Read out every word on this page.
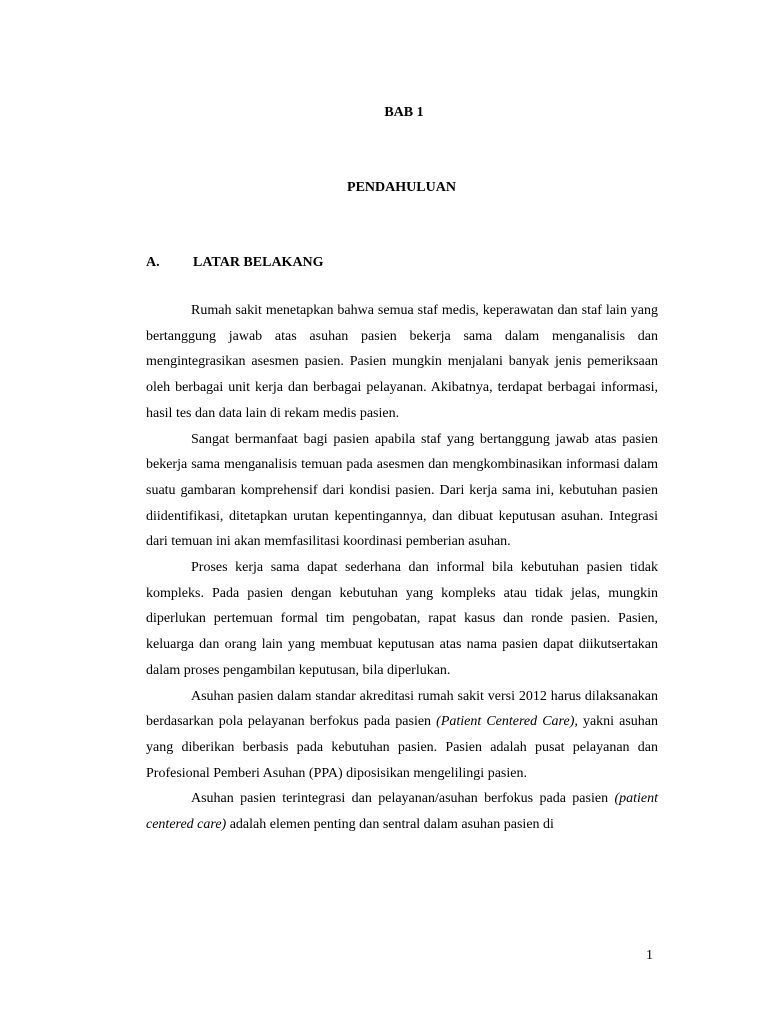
BAB 1
PENDAHULUAN
A. LATAR BELAKANG

Rumah sakit menetapkan bahwa semua staf medis, keperawatan dan staf lain yang bertanggung jawab atas asuhan pasien bekerja sama dalam menganalisis dan mengintegrasikan asesmen pasien. Pasien mungkin menjalani banyak jenis pemeriksaan oleh berbagai unit kerja dan berbagai pelayanan. Akibatnya, terdapat berbagai informasi, hasil tes dan data lain di rekam medis pasien.

Sangat bermanfaat bagi pasien apabila staf yang bertanggung jawab atas pasien bekerja sama menganalisis temuan pada asesmen dan mengkombinasikan informasi dalam suatu gambaran komprehensif dari kondisi pasien. Dari kerja sama ini, kebutuhan pasien diidentifikasi, ditetapkan urutan kepentingannya, dan dibuat keputusan asuhan. Integrasi dari temuan ini akan memfasilitasi koordinasi pemberian asuhan.

Proses kerja sama dapat sederhana dan informal bila kebutuhan pasien tidak kompleks. Pada pasien dengan kebutuhan yang kompleks atau tidak jelas, mungkin diperlukan pertemuan formal tim pengobatan, rapat kasus dan ronde pasien. Pasien, keluarga dan orang lain yang membuat keputusan atas nama pasien dapat diikutsertakan dalam proses pengambilan keputusan, bila diperlukan.

Asuhan pasien dalam standar akreditasi rumah sakit versi 2012 harus dilaksanakan berdasarkan pola pelayanan berfokus pada pasien (Patient Centered Care), yakni asuhan yang diberikan berbasis pada kebutuhan pasien. Pasien adalah pusat pelayanan dan Profesional Pemberi Asuhan (PPA) diposisikan mengelilingi pasien.

Asuhan pasien terintegrasi dan pelayanan/asuhan berfokus pada pasien (patient centered care) adalah elemen penting dan sentral dalam asuhan pasien di

1
